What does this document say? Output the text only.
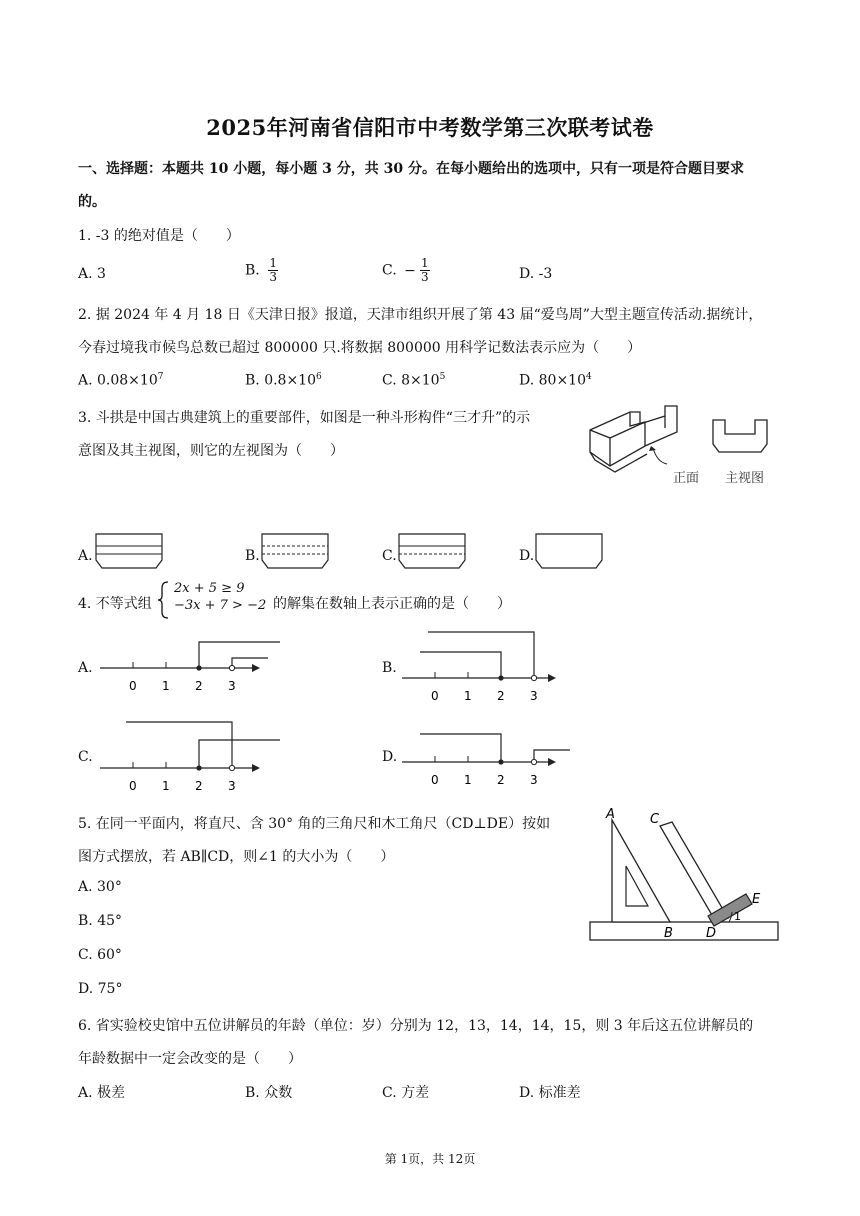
2025年河南省信阳市中考数学第三次联考试卷
一、选择题：本题共 10 小题，每小题 3 分，共 30 分。在每小题给出的选项中，只有一项是符合题目要求
的。
1. -3 的绝对值是（　　）
A. 3	B. $\frac{1}{3}$	C. − $\frac{1}{3}$	D. -3
2. 据 2024 年 4 月 18 日《天津日报》报道，天津市组织开展了第 43 届“爱鸟周”大型主题宣传活动.据统计，
今春过境我市候鸟总数已超过 800000 只.将数据 800000 用科学记数法表示应为（　　）
A. $0.08\times 10^7$	B. $0.8\times 10^6$	C. $8\times 10^5$	D. $80\times 10^4$
3. 斗拱是中国古典建筑上的重要部件，如图是一种斗形构件“三才升”的示
意图及其主视图，则它的左视图为（　　）
正面 主视图
A.	B.	C.	D.
4. 不等式组
2x + 5 ≥ 9
−3x + 7 > −2 的解集在数轴上表示正确的是（　　）
A.
0 1 2 3
B.
0 1 2 3
C.
0 1 2 3
D.
0 1 2 3
5. 在同一平面内，将直尺、含 30° 角的三角尺和木工角尺（CD⊥DE）按如
图方式摆放，若 AB∥CD，则∠1 的大小为（　　）
A. 30°
B. 45°
C. 60°
D. 75°
A	C
E
1
B	D
6. 省实验校史馆中五位讲解员的年龄（单位：岁）分别为 12，13，14，14，15，则 3 年后这五位讲解员的
年龄数据中一定会改变的是（　　）
A. 极差	B. 众数	C. 方差	D. 标准差
第 1页，共 12页
